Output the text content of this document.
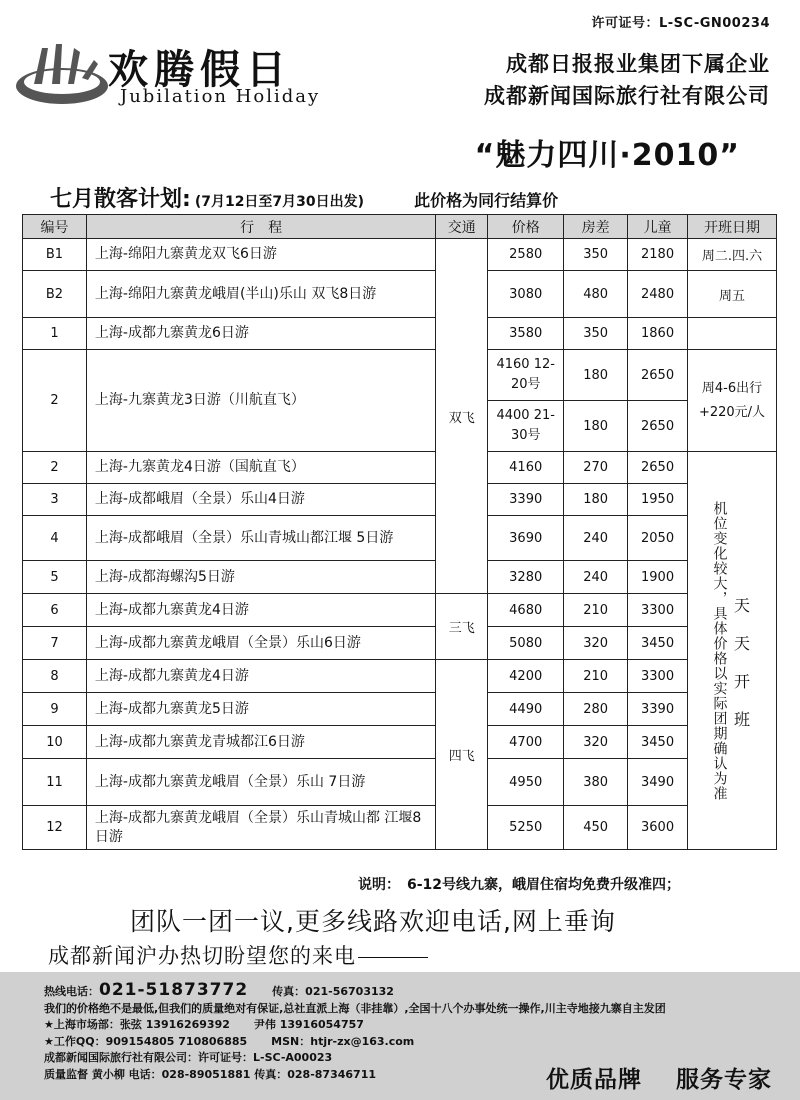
许可证号：L-SC-GN00234
欢腾假日
Jubilation Holiday
成都日报报业集团下属企业
成都新闻国际旅行社有限公司
“魅力四川·2010”
七月散客计划: (7月12日至7月30日出发)	此价格为同行结算价
编号	行　程	交通	价格	房差	儿童	开班日期
B1	上海-绵阳九寨黄龙双飞6日游	双飞	2580	350	2180	周二.四.六
B2	上海-绵阳九寨黄龙峨眉(半山)乐山 双飞8日游		3080	480	2480	周五
1	上海-成都九寨黄龙6日游		3580	350	1860	
2	上海-九寨黄龙3日游（川航直飞）		4160 12-20号	180	2650	周4-6出行 +220元/人
			4400 21-30号	180	2650	
2	上海-九寨黄龙4日游（国航直飞）		4160	270	2650	机位变化较大，具体价格以实际团期确认为准 天天开班

3	上海-成都峨眉（全景）乐山4日游		3390	180	1950	
4	上海-成都峨眉（全景）乐山青城山都江堰 5日游		3690	240	2050	
5	上海-成都海螺沟5日游		3280	240	1900	
6	上海-成都九寨黄龙4日游	三飞	4680	210	3300	
7	上海-成都九寨黄龙峨眉（全景）乐山6日游		5080	320	3450	
8	上海-成都九寨黄龙4日游	四飞	4200	210	3300	
9	上海-成都九寨黄龙5日游		4490	280	3390	
10	上海-成都九寨黄龙青城都江6日游		4700	320	3450	
11	上海-成都九寨黄龙峨眉（全景）乐山 7日游		4950	380	3490	
12	上海-成都九寨黄龙峨眉（全景）乐山青城山都 江堰8日游		5250	450	3600	
说明：　6-12号线九寨，峨眉住宿均免费升级准四；
团队一团一议,更多线路欢迎电话,网上垂询
成都新闻沪办热切盼望您的来电
热线电话：021-51873772 传真：021-56703132
我们的价格绝不是最低,但我们的质量绝对有保证,总社直派上海（非挂靠）,全国十八个办事处统一操作,川主寺地接九寨自主发团
★上海市场部：张弦 13916269392 尹伟 13916054757
★工作QQ：909154805 710806885 MSN：htjr-zx@163.com
成都新闻国际旅行社有限公司：许可证号：L-SC-A00023
质量监督 黄小柳 电话：028-89051881 传真：028-87346711	优质品牌 服务专家
